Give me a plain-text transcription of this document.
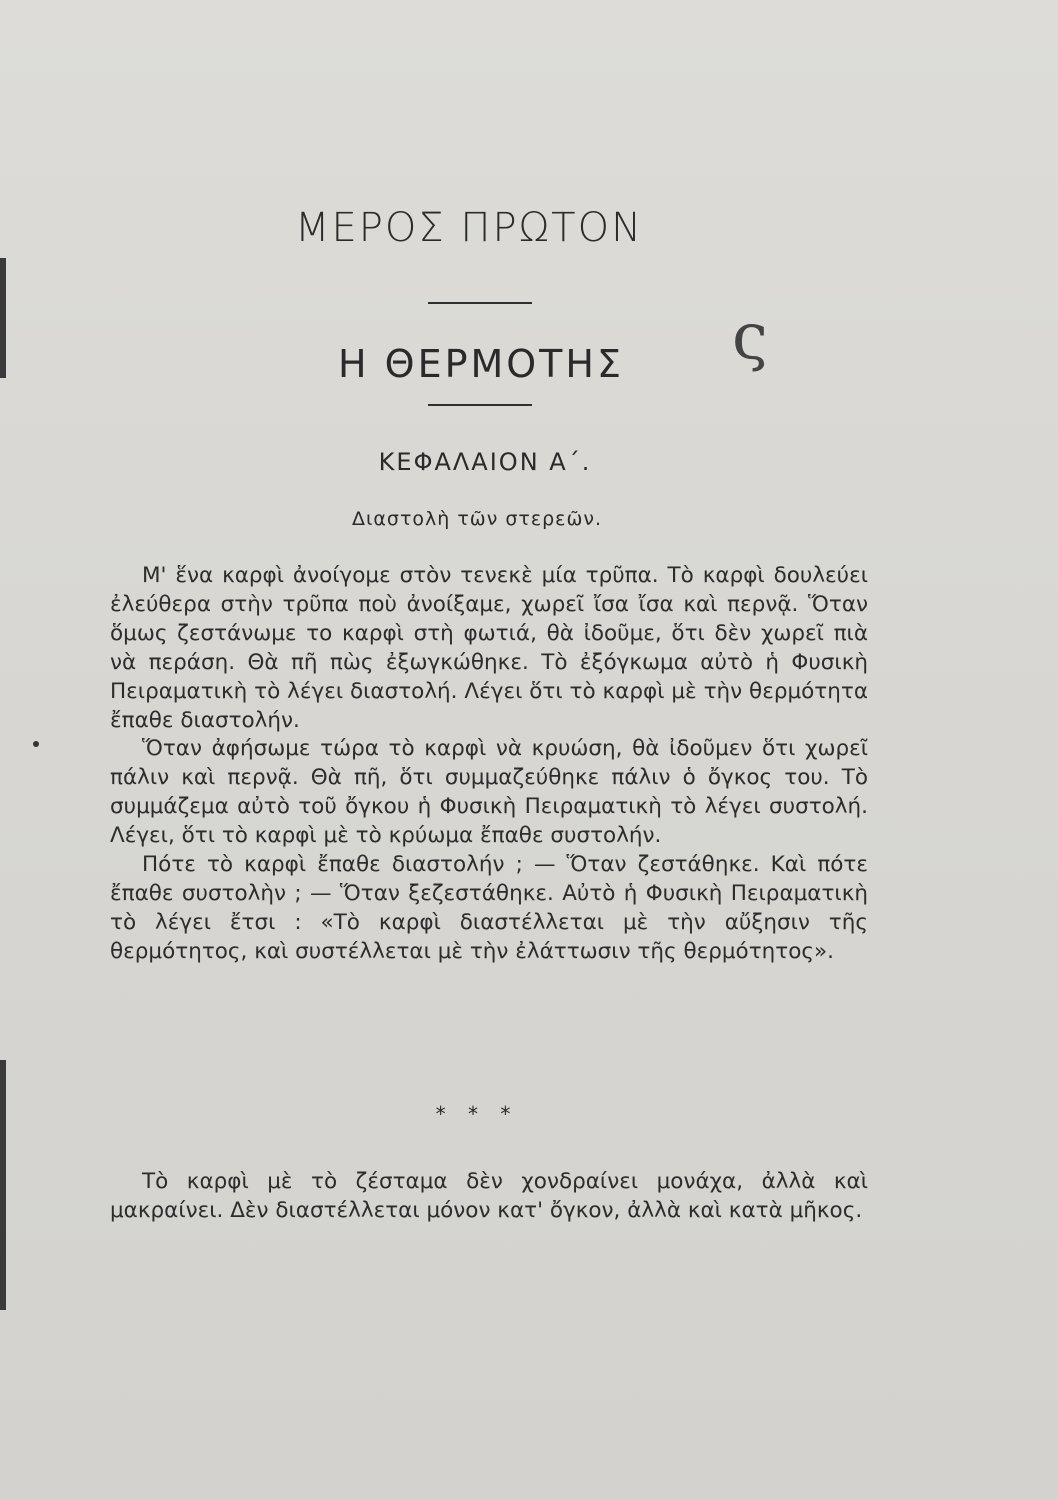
ΜΕΡΟΣ ΠΡΩΤΟΝ
Η ΘΕΡΜΟΤΗΣ	ς
ΚΕΦΑΛΑΙΟΝ Α΄.
Διαστολὴ τῶν στερεῶν.

Μ' ἕνα καρφὶ ἀνοίγομε στὸν τενεκὲ μία τρῦπα. Τὸ καρφὶ δουλεύει ἐλεύθερα στὴν τρῦπα ποὺ ἀνοίξαμε, χωρεῖ ἴσα ἴσα καὶ περνᾷ. Ὅταν ὅμως ζεστάνωμε το καρφὶ στὴ φωτιά, θὰ ἰδοῦμε, ὅτι δὲν χωρεῖ πιὰ νὰ περάση. Θὰ πῆ πὼς ἐξωγκώθηκε. Τὸ ἐξόγκωμα αὐτὸ ἡ Φυσικὴ Πειραματικὴ τὸ λέγει διαστολή. Λέγει ὅτι τὸ καρφὶ μὲ τὴν θερμότητα ἔπαθε διαστολήν.

Ὅταν ἀφήσωμε τώρα τὸ καρφὶ νὰ κρυώση, θὰ ἰδοῦμεν ὅτι χωρεῖ πάλιν καὶ περνᾷ. Θὰ πῆ, ὅτι συμμαζεύθηκε πάλιν ὁ ὄγκος του. Τὸ συμμάζεμα αὐτὸ τοῦ ὄγκου ἡ Φυσικὴ Πειραματικὴ τὸ λέγει συστολή. Λέγει, ὅτι τὸ καρφὶ μὲ τὸ κρύωμα ἔπαθε συστολήν.

Πότε τὸ καρφὶ ἔπαθε διαστολήν ; — Ὅταν ζεστάθηκε. Καὶ πότε ἔπαθε συστολὴν ; — Ὅταν ξεζεστάθηκε. Αὐτὸ ἡ Φυσικὴ Πειραματικὴ τὸ λέγει ἔτσι : «Τὸ καρφὶ διαστέλλεται μὲ τὴν αὔξησιν τῆς θερμότητος, καὶ συστέλλεται μὲ τὴν ἐλάττωσιν τῆς θερμότητος».

* * *

Τὸ καρφὶ μὲ τὸ ζέσταμα δὲν χονδραίνει μονάχα, ἀλλὰ καὶ μακραίνει. Δὲν διαστέλλεται μόνον κατ' ὄγκον, ἀλλὰ καὶ κατὰ μῆκος.
